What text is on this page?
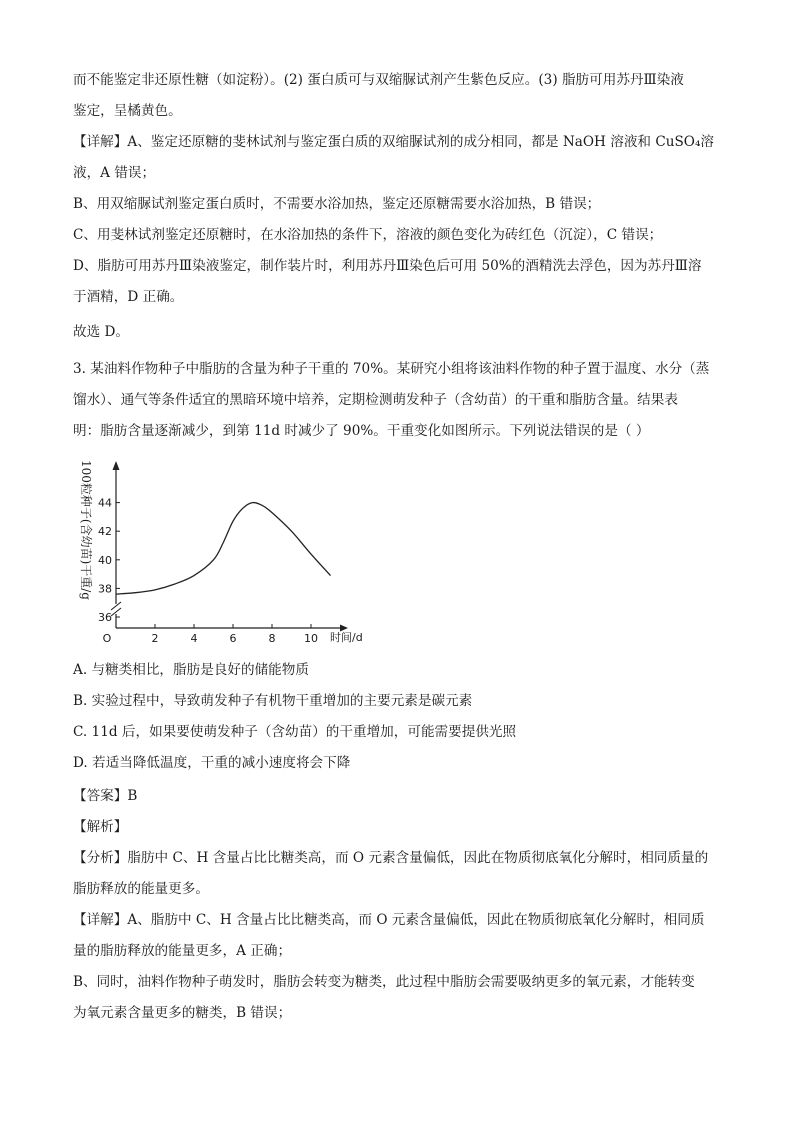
而不能鉴定非还原性糖（如淀粉）。(2) 蛋白质可与双缩脲试剂产生紫色反应。(3) 脂肪可用苏丹Ⅲ染液
鉴定，呈橘黄色。
【详解】A、鉴定还原糖的斐林试剂与鉴定蛋白质的双缩脲试剂的成分相同，都是 NaOH 溶液和 CuSO₄溶
液，A 错误；
B、用双缩脲试剂鉴定蛋白质时，不需要水浴加热，鉴定还原糖需要水浴加热，B 错误；
C、用斐林试剂鉴定还原糖时，在水浴加热的条件下，溶液的颜色变化为砖红色（沉淀），C 错误；
D、脂肪可用苏丹Ⅲ染液鉴定，制作装片时，利用苏丹Ⅲ染色后可用 50%的酒精洗去浮色，因为苏丹Ⅲ溶
于酒精，D 正确。
故选 D。
3. 某油料作物种子中脂肪的含量为种子干重的 70%。某研究小组将该油料作物的种子置于温度、水分（蒸
馏水）、通气等条件适宜的黑暗环境中培养，定期检测萌发种子（含幼苗）的干重和脂肪含量。结果表
明：脂肪含量逐渐减少，到第 11d 时减少了 90%。干重变化如图所示。下列说法错误的是（ ）
O	2	4	6	8	10 时间/d
36
38
40
42
44
100粒种子(含幼苗)干重/g
A. 与糖类相比，脂肪是良好的储能物质
B. 实验过程中，导致萌发种子有机物干重增加的主要元素是碳元素
C. 11d 后，如果要使萌发种子（含幼苗）的干重增加，可能需要提供光照
D. 若适当降低温度，干重的减小速度将会下降
【答案】B
【解析】
【分析】脂肪中 C、H 含量占比比糖类高，而 O 元素含量偏低，因此在物质彻底氧化分解时，相同质量的
脂肪释放的能量更多。
【详解】A、脂肪中 C、H 含量占比比糖类高，而 O 元素含量偏低，因此在物质彻底氧化分解时，相同质
量的脂肪释放的能量更多，A 正确；
B、同时，油料作物种子萌发时，脂肪会转变为糖类，此过程中脂肪会需要吸纳更多的氧元素，才能转变
为氧元素含量更多的糖类，B 错误；
